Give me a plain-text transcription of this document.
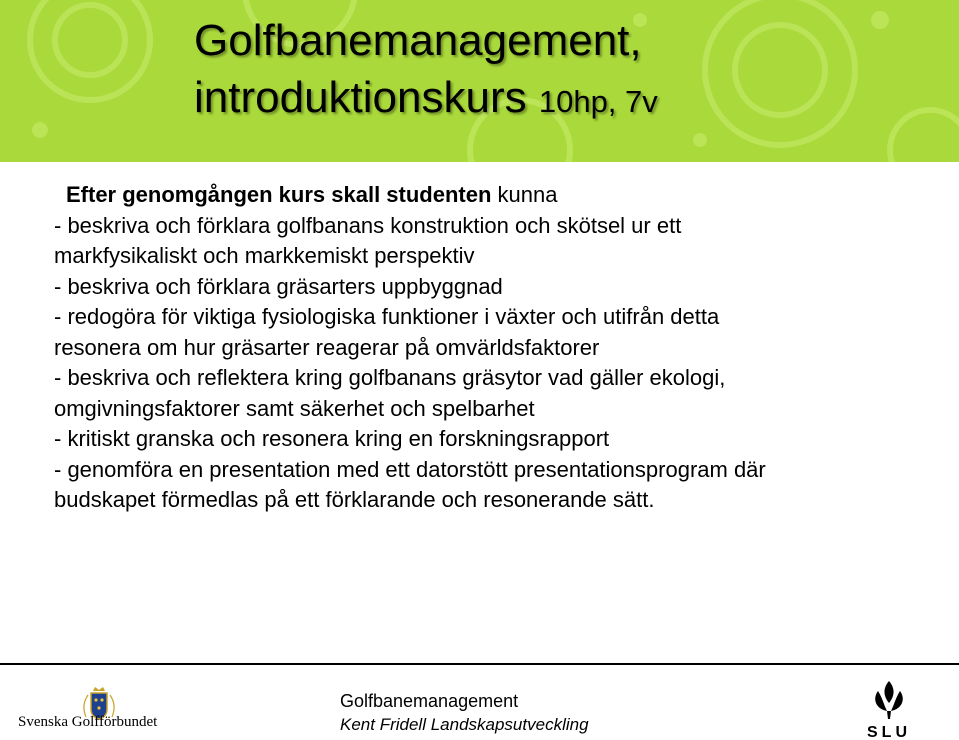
Golfbanemanagement,
introduktionskurs 10hp, 7v
Efter genomgången kurs skall studenten kunna
- beskriva och förklara golfbanans konstruktion och skötsel ur ett
markfysikaliskt och markkemiskt perspektiv
- beskriva och förklara gräsarters uppbyggnad
- redogöra för viktiga fysiologiska funktioner i växter och utifrån detta
resonera om hur gräsarter reagerar på omvärldsfaktorer
- beskriva och reflektera kring golfbanans gräsytor vad gäller ekologi,
omgivningsfaktorer samt säkerhet och spelbarhet
- kritiskt granska och resonera kring en forskningsrapport
- genomföra en presentation med ett datorstött presentationsprogram där
budskapet förmedlas på ett förklarande och resonerande sätt.
Svenska Golfförbundet
Golfbanemanagement
Kent Fridell Landskapsutveckling	SLU
